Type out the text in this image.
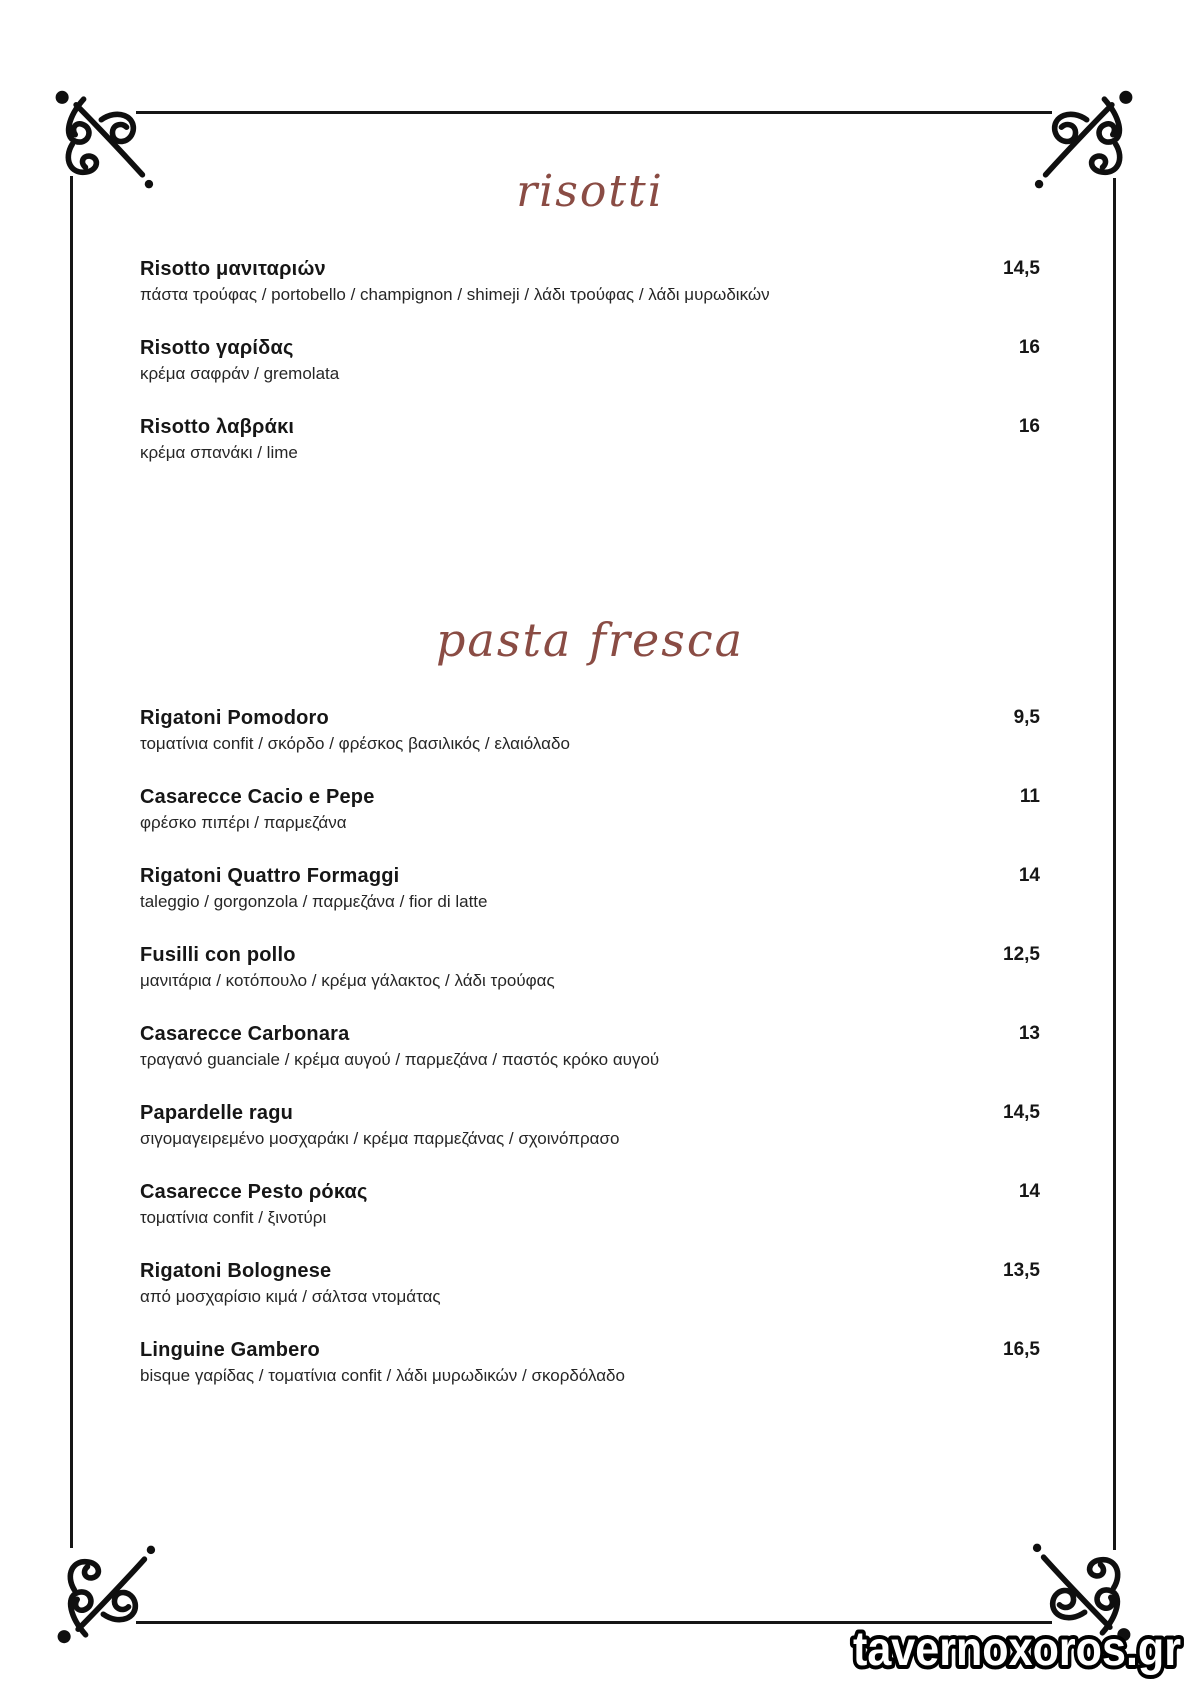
risotti
Risotto μανιταριών
πάστα τρούφας / portobello / champignon / shimeji / λάδι τρούφας / λάδι μυρωδικών
14,5
Risotto γαρίδας
κρέμα σαφράν / gremolata
16
Risotto λαβράκι
κρέμα σπανάκι / lime
16
pasta fresca
Rigatoni Pomodoro
τοματίνια confit / σκόρδο / φρέσκος βασιλικός / ελαιόλαδο
9,5
Casarecce Cacio e Pepe
φρέσκο πιπέρι / παρμεζάνα
11
Rigatoni Quattro Formaggi
taleggio / gorgonzola / παρμεζάνα / fior di latte
14
Fusilli con pollo
μανιτάρια / κοτόπουλο / κρέμα γάλακτος / λάδι τρούφας
12,5
Casarecce Carbonara
τραγανό guanciale / κρέμα αυγού / παρμεζάνα / παστός κρόκο αυγού
13
Papardelle ragu
σιγομαγειρεμένο μοσχαράκι / κρέμα παρμεζάνας / σχοινόπρασο
14,5
Casarecce Pesto ρόκας
τοματίνια confit / ξινοτύρι
14
Rigatoni Bolognese
από μοσχαρίσιο κιμά / σάλτσα ντομάτας
13,5
Linguine Gambero
bisque γαρίδας / τοματίνια confit / λάδι μυρωδικών / σκορδόλαδο
16,5
tavernoxoros.gr
